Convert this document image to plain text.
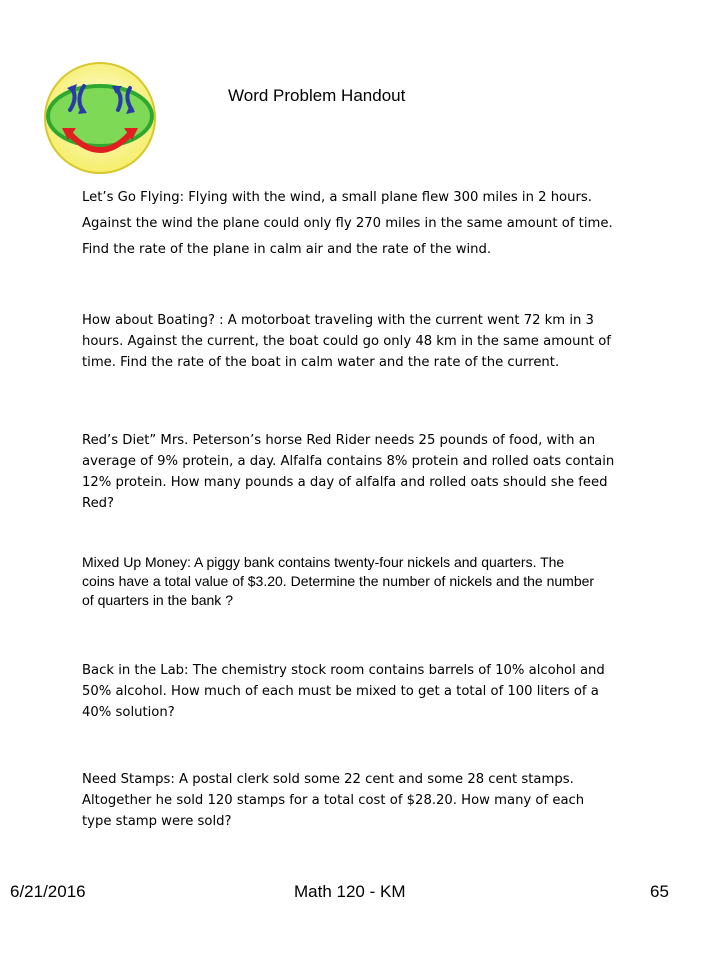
Word Problem Handout
Let’s Go Flying: Flying with the wind, a small plane flew 300 miles in 2 hours.
Against the wind the plane could only fly 270 miles in the same amount of time.
Find the rate of the plane in calm air and the rate of the wind.
How about Boating? : A motorboat traveling with the current went 72 km in 3
hours. Against the current, the boat could go only 48 km in the same amount of
time. Find the rate of the boat in calm water and the rate of the current.
Red’s Diet” Mrs. Peterson’s horse Red Rider needs 25 pounds of food, with an
average of 9% protein, a day. Alfalfa contains 8% protein and rolled oats contain
12% protein. How many pounds a day of alfalfa and rolled oats should she feed
Red?
Mixed Up Money: A piggy bank contains twenty-four nickels and quarters. The
coins have a total value of $3.20. Determine the number of nickels and the number
of quarters in the bank ?
Back in the Lab: The chemistry stock room contains barrels of 10% alcohol and
50% alcohol. How much of each must be mixed to get a total of 100 liters of a
40% solution?
Need Stamps: A postal clerk sold some 22 cent and some 28 cent stamps.
Altogether he sold 120 stamps for a total cost of $28.20. How many of each
type stamp were sold?
6/21/2016	Math 120 - KM	65
